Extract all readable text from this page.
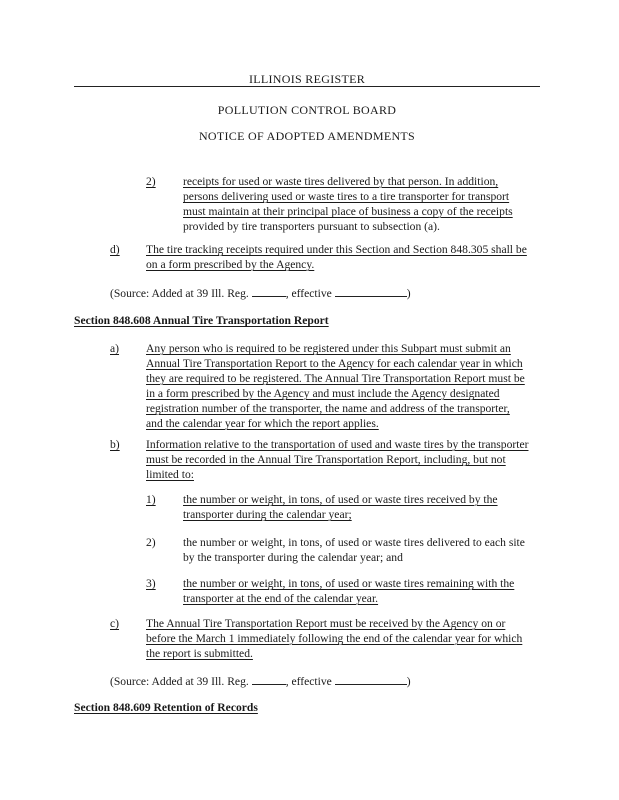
ILLINOIS REGISTER
POLLUTION CONTROL BOARD
NOTICE OF ADOPTED AMENDMENTS
2) receipts for used or waste tires delivered by that person. In addition,
persons delivering used or waste tires to a tire transporter for transport
must maintain at their principal place of business a copy of the receipts
provided by tire transporters pursuant to subsection (a).
d) The tire tracking receipts required under this Section and Section 848.305 shall be
on a form prescribed by the Agency.
(Source: Added at 39 Ill. Reg.	, effective	)
Section 848.608 Annual Tire Transportation Report
a) Any person who is required to be registered under this Subpart must submit an
Annual Tire Transportation Report to the Agency for each calendar year in which
they are required to be registered. The Annual Tire Transportation Report must be
in a form prescribed by the Agency and must include the Agency designated
registration number of the transporter, the name and address of the transporter,
and the calendar year for which the report applies.
b) Information relative to the transportation of used and waste tires by the transporter
must be recorded in the Annual Tire Transportation Report, including, but not
limited to:
1) the number or weight, in tons, of used or waste tires received by the
transporter during the calendar year;
2) the number or weight, in tons, of used or waste tires delivered to each site
by the transporter during the calendar year; and
3) the number or weight, in tons, of used or waste tires remaining with the
transporter at the end of the calendar year.
c) The Annual Tire Transportation Report must be received by the Agency on or
before the March 1 immediately following the end of the calendar year for which
the report is submitted.
(Source: Added at 39 Ill. Reg.	, effective	)
Section 848.609 Retention of Records
